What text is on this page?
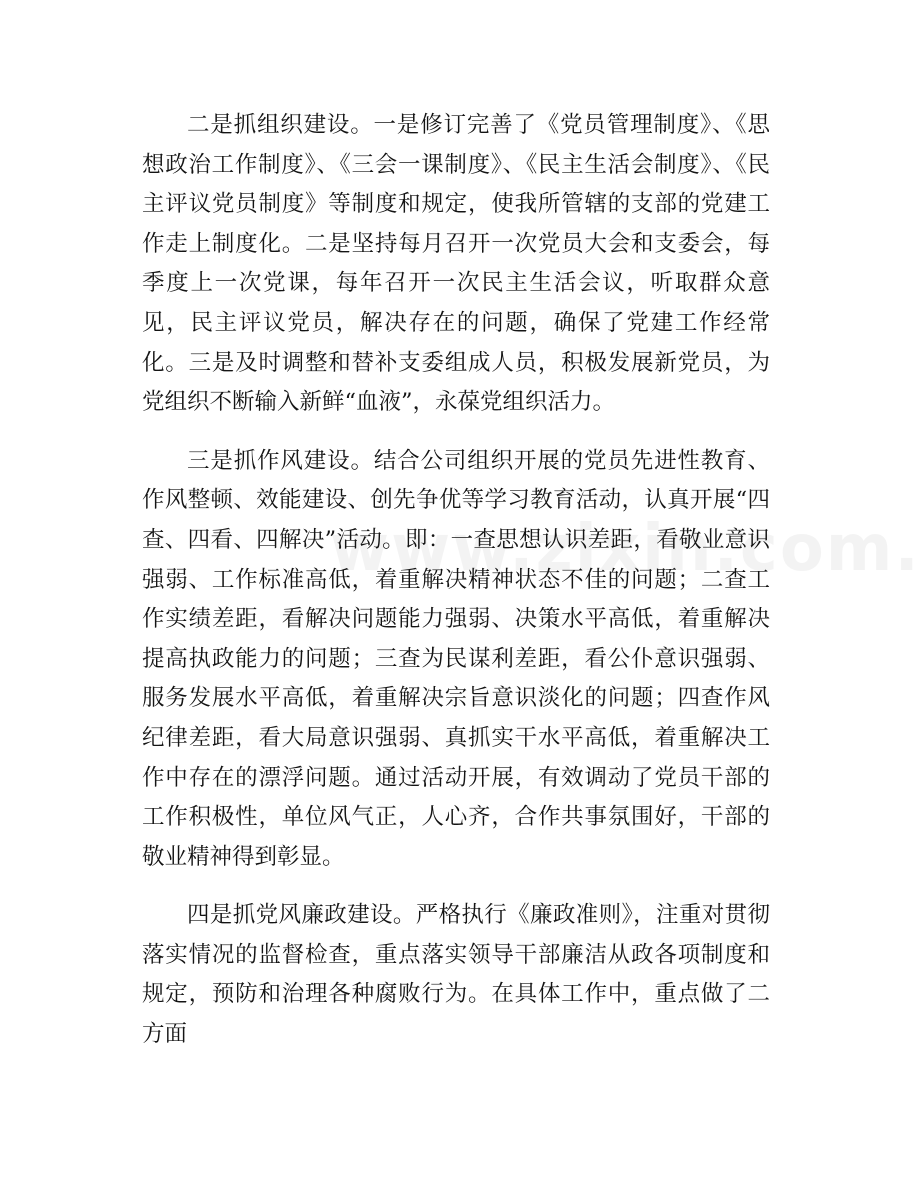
二是抓组织建设。一是修订完善了《党员管理制度》、《思想政治工作制度》、《三会一课制度》、《民主生活会制度》、《民主评议党员制度》等制度和规定，使我所管辖的支部的党建工作走上制度化。二是坚持每月召开一次党员大会和支委会，每季度上一次党课，每年召开一次民主生活会议，听取群众意见，民主评议党员，解决存在的问题，确保了党建工作经常化。三是及时调整和替补支委组成人员，积极发展新党员，为党组织不断输入新鲜“血液”，永葆党组织活力。

三是抓作风建设。结合公司组织开展的党员先进性教育、作风整顿、效能建设、创先争优等学习教育活动，认真开展“四查、四看、四解决”活动。即：一查思想认识差距，看敬业意识强弱、工作标准高低，着重解决精神状态不佳的问题；二查工作实绩差距，看解决问题能力强弱、决策水平高低，着重解决提高执政能力的问题；三查为民谋利差距，看公仆意识强弱、服务发展水平高低，着重解决宗旨意识淡化的问题；四查作风纪律差距，看大局意识强弱、真抓实干水平高低，着重解决工作中存在的漂浮问题。通过活动开展，有效调动了党员干部的工作积极性，单位风气正，人心齐，合作共事氛围好，干部的敬业精神得到彰显。

四是抓党风廉政建设。严格执行《廉政准则》，注重对贯彻落实情况的监督检查，重点落实领导干部廉洁从政各项制度和规定，预防和治理各种腐败行为。在具体工作中，重点做了二方面
